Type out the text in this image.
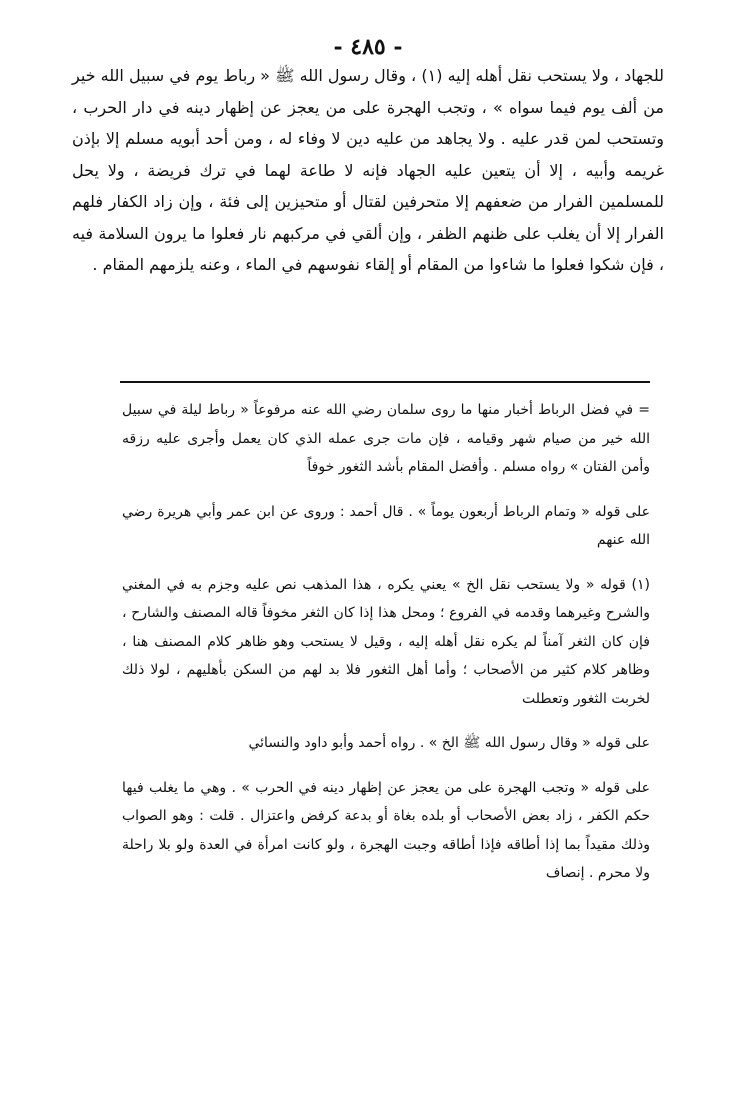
- ٤٨٥ -

للجهاد ، ولا يستحب نقل أهله إليه (١) ، وقال رسول الله ﷺ « رباط يوم في سبيل الله خير من ألف يوم فيما سواه » ، وتجب الهجرة على من يعجز عن إظهار دينه في دار الحرب ، وتستحب لمن قدر عليه . ولا يجاهد من عليه دين لا وفاء له ، ومن أحد أبويه مسلم إلا بإذن غريمه وأبيه ، إلا أن يتعين عليه الجهاد فإنه لا طاعة لهما في ترك فريضة ، ولا يحل للمسلمين الفرار من ضعفهم إلا متحرفين لقتال أو متحيزين إلى فئة ، وإن زاد الكفار فلهم الفرار إلا أن يغلب على ظنهم الظفر ، وإن ألقي في مركبهم نار فعلوا ما يرون السلامة فيه ، فإن شكوا فعلوا ما شاءوا من المقام أو إلقاء نفوسهم في الماء ، وعنه يلزمهم المقام .

= في فضل الرباط أخبار منها ما روى سلمان رضي الله عنه مرفوعاً « رباط ليلة في سبيل الله خير من صيام شهر وقيامه ، فإن مات جرى عمله الذي كان يعمل وأجرى عليه رزقه وأمن الفتان » رواه مسلم . وأفضل المقام بأشد الثغور خوفاً

على قوله « وتمام الرباط أربعون يوماً » . قال أحمد : وروى عن ابن عمر وأبي هريرة رضي الله عنهم

(١) قوله « ولا يستحب نقل الخ » يعني يكره ، هذا المذهب نص عليه وجزم به في المغني والشرح وغيرهما وقدمه في الفروع ؛ ومحل هذا إذا كان الثغر مخوفاً قاله المصنف والشارح ، فإن كان الثغر آمناً لم يكره نقل أهله إليه ، وقيل لا يستحب وهو ظاهر كلام المصنف هنا ، وظاهر كلام كثير من الأصحاب ؛ وأما أهل الثغور فلا بد لهم من السكن بأهليهم ، لولا ذلك لخربت الثغور وتعطلت

على قوله « وقال رسول الله ﷺ الخ » . رواه أحمد وأبو داود والنسائي

على قوله « وتجب الهجرة على من يعجز عن إظهار دينه في الحرب » . وهي ما يغلب فيها حكم الكفر ، زاد بعض الأصحاب أو بلده بغاة أو بدعة كرفض واعتزال . قلت : وهو الصواب وذلك مقيداً بما إذا أطاقه فإذا أطاقه وجبت الهجرة ، ولو كانت امرأة في العدة ولو بلا راحلة ولا محرم . إنصاف
